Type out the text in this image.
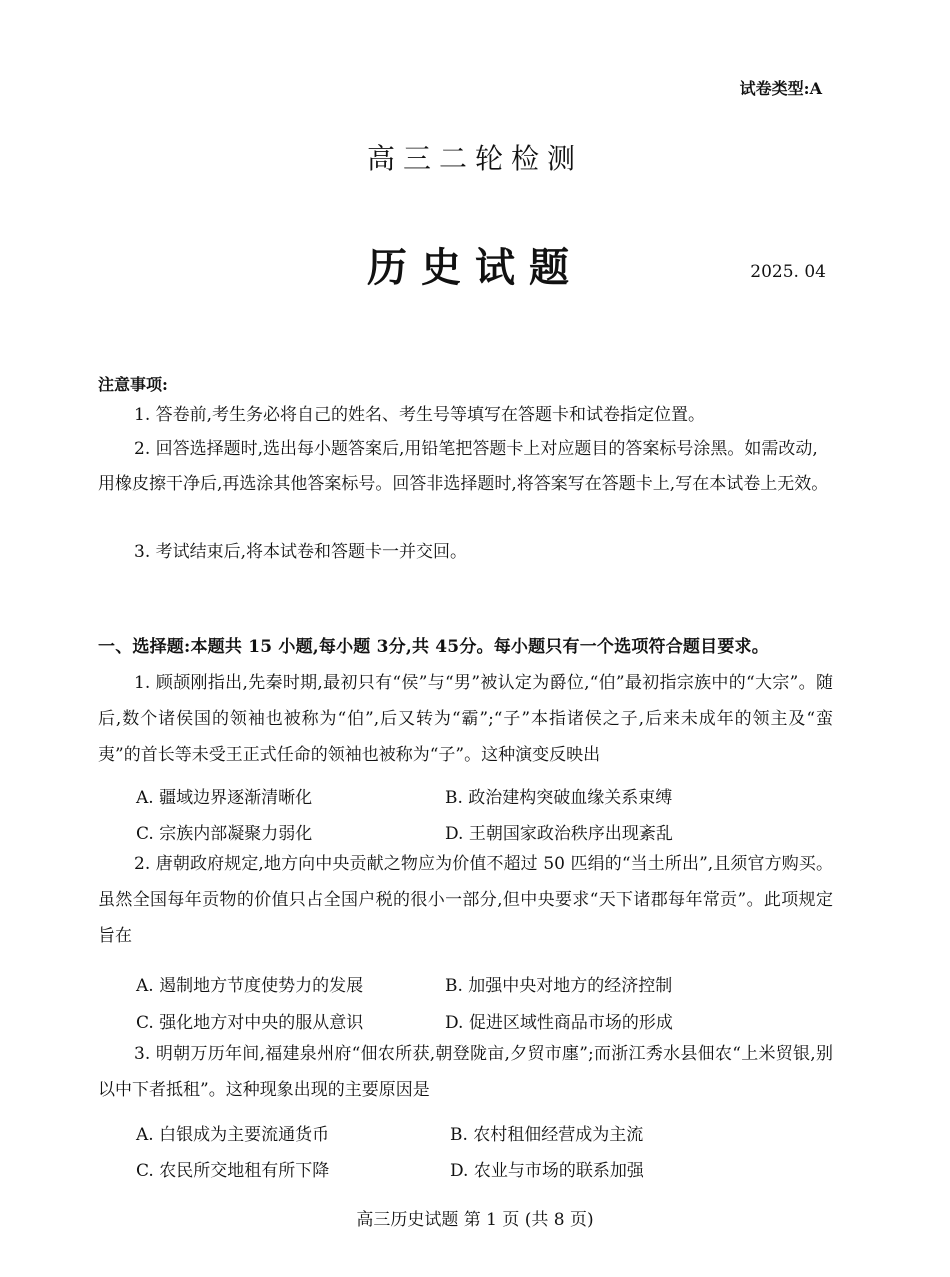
试卷类型:A
高三二轮检测
历史试题	2025. 04
注意事项:
1. 答卷前,考生务必将自己的姓名、考生号等填写在答题卡和试卷指定位置。
2. 回答选择题时,选出每小题答案后,用铅笔把答题卡上对应题目的答案标号涂黑。如需改动,用橡皮擦干净后,再选涂其他答案标号。回答非选择题时,将答案写在答题卡上,写在本试卷上无效。
3. 考试结束后,将本试卷和答题卡一并交回。
一、选择题:本题共 15 小题,每小题 3分,共 45分。每小题只有一个选项符合题目要求。
1. 顾颉刚指出,先秦时期,最初只有“侯”与“男”被认定为爵位,“伯”最初指宗族中的“大宗”。随后,数个诸侯国的领袖也被称为“伯”,后又转为“霸”;“子”本指诸侯之子,后来未成年的领主及“蛮夷”的首长等未受王正式任命的领袖也被称为“子”。这种演变反映出
A. 疆域边界逐渐清晰化	B. 政治建构突破血缘关系束缚
C. 宗族内部凝聚力弱化	D. 王朝国家政治秩序出现紊乱
2. 唐朝政府规定,地方向中央贡献之物应为价值不超过 50 匹绢的“当土所出”,且须官方购买。虽然全国每年贡物的价值只占全国户税的很小一部分,但中央要求“天下诸郡每年常贡”。此项规定旨在
A. 遏制地方节度使势力的发展	B. 加强中央对地方的经济控制
C. 强化地方对中央的服从意识	D. 促进区域性商品市场的形成
3. 明朝万历年间,福建泉州府“佃农所获,朝登陇亩,夕贸市廛”;而浙江秀水县佃农“上米贸银,别以中下者抵租”。这种现象出现的主要原因是
A. 白银成为主要流通货币	B. 农村租佃经营成为主流
C. 农民所交地租有所下降	D. 农业与市场的联系加强
高三历史试题 第 1 页 (共 8 页)
